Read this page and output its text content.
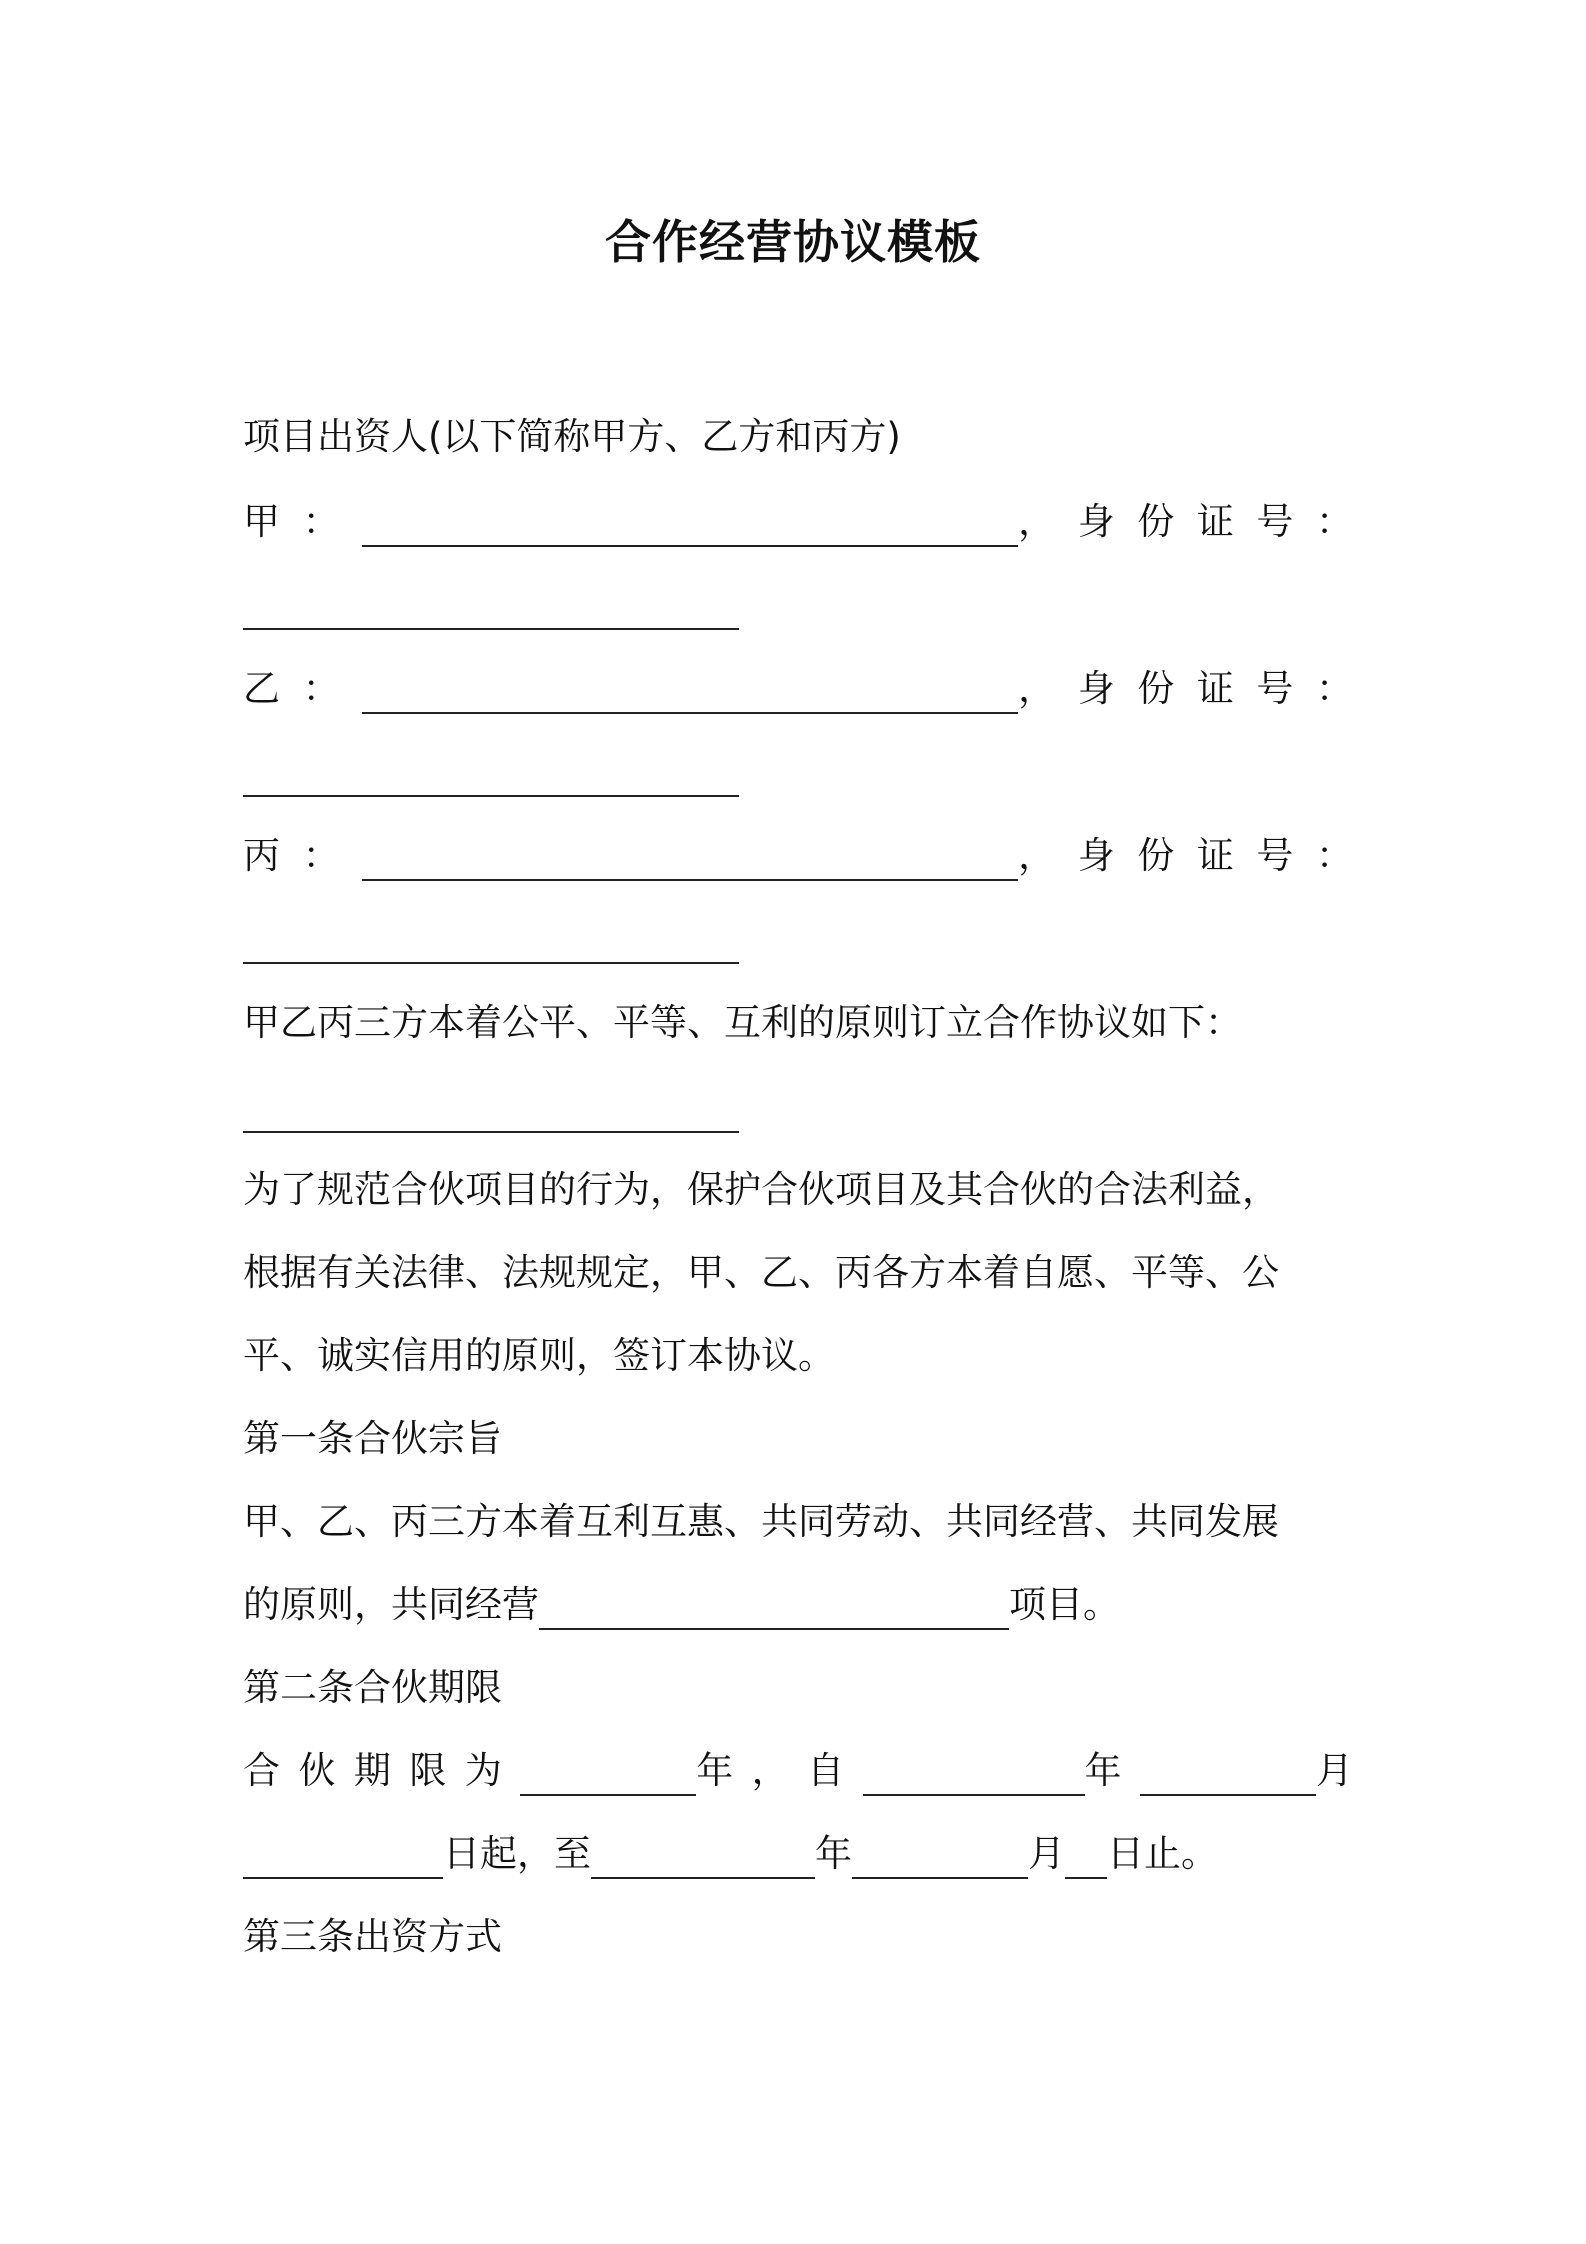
合作经营协议模板
项目出资人(以下简称甲方、乙方和丙方)
甲 ：	， 身 份 证 号 ：
乙 ：	， 身 份 证 号 ：
丙 ：	， 身 份 证 号 ：
甲乙丙三方本着公平、平等、互利的原则订立合作协议如下：
为了规范合伙项目的行为，保护合伙项目及其合伙的合法利益，
根据有关法律、法规规定，甲、乙、丙各方本着自愿、平等、公
平、诚实信用的原则，签订本协议。
第一条合伙宗旨
甲、乙、丙三方本着互利互惠、共同劳动、共同经营、共同发展
的原则，共同经营	项目。
第二条合伙期限
合 伙 期 限 为	年 ， 自	年	月
日起，至	年	月 日止。
第三条出资方式
